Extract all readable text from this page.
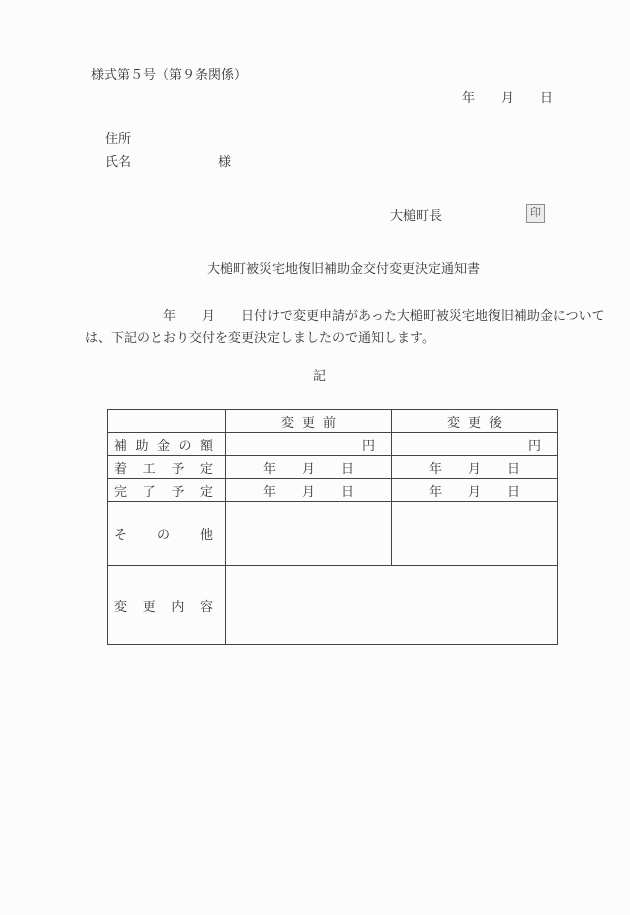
様式第５号（第９条関係）
年　　月　　日
住所
氏名	様
大槌町長	印
大槌町被災宅地復旧補助金交付変更決定通知書
年　　月　　日付けで変更申請があった大槌町被災宅地復旧補助金について
は、下記のとおり交付を変更決定しましたので通知します。
記
	変更前	変更後

補 助 金 の 額	円	円

着 工 予 定	年　　月　　日	年　　月　　日

完 了 予 定	年　　月　　日	年　　月　　日

そ の 他		

変 更 内 容		
